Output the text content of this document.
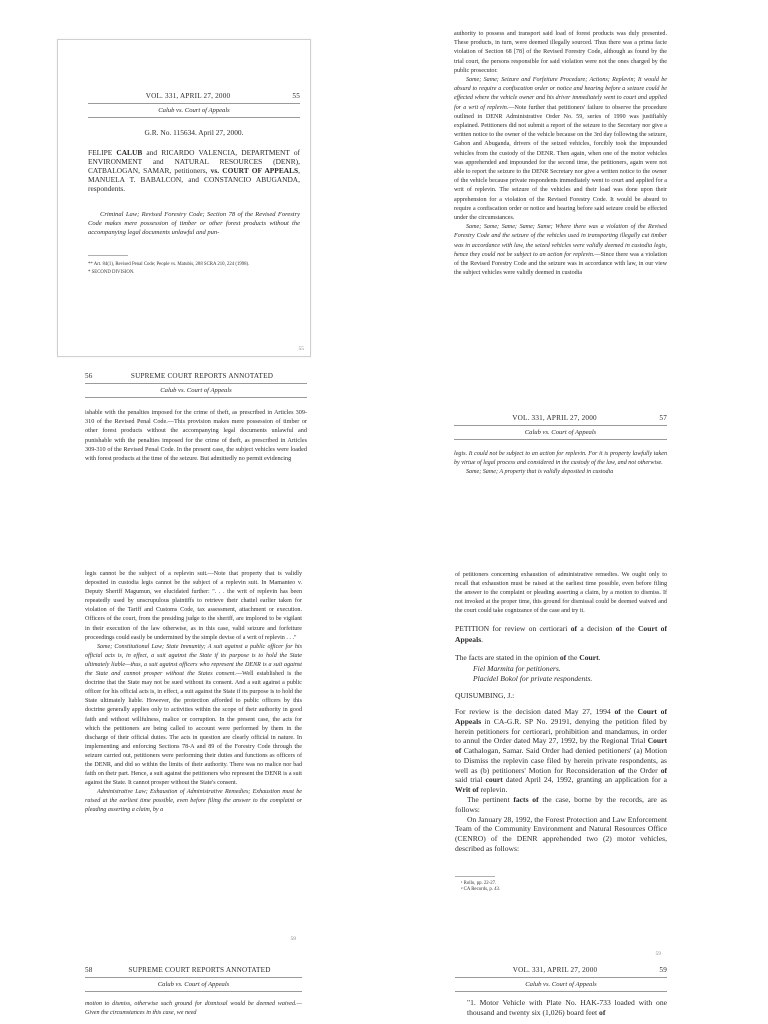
VOL. 331, APRIL 27, 2000	55
Calub vs. Court of Appeals
G.R. No. 115634. April 27, 2000.
FELIPE CALUB and RICARDO VALENCIA, DEPARTMENT of ENVIRONMENT and NATURAL RESOURCES (DENR), CATBALOGAN, SAMAR, petitioners, vs. COURT OF APPEALS, MANUELA T. BABALCON, and CONSTANCIO ABUGANDA, respondents.
Criminal Law; Revised Forestry Code; Section 78 of the Revised Forestry Code makes mere possession of timber or other forest products without the accompanying legal documents unlawful and pun-
** Art. 84(1), Revised Penal Code; People vs. Matubis, 288 SCRA 210, 224 (1998).
* SECOND DIVISION.
55
56	SUPREME COURT REPORTS ANNOTATED
Calub vs. Court of Appeals

ishable with the penalties imposed for the crime of theft, as prescribed in Articles 309-310 of the Revised Penal Code.—This provision makes mere possession of timber or other forest products without the accompanying legal documents unlawful and punishable with the penalties imposed for the crime of theft, as prescribed in Articles 309-310 of the Revised Penal Code. In the present case, the subject vehicles were loaded with forest products at the time of the seizure. But admittedly no permit evidencing

authority to possess and transport said load of forest products was duly presented. These products, in turn, were deemed illegally sourced. Thus there was a prima facie violation of Section 68 [78] of the Revised Forestry Code, although as found by the trial court, the persons responsible for said violation were not the ones charged by the public prosecutor.

Same; Same; Seizure and Forfeiture Procedure; Actions; Replevin; It would be absurd to require a confiscation order or notice and hearing before a seizure could be effected where the vehicle owner and his driver immediately went to court and applied for a writ of replevin.—Note further that petitioners' failure to observe the procedure outlined in DENR Administrative Order No. 59, series of 1990 was justifiably explained. Petitioners did not submit a report of the seizure to the Secretary nor give a written notice to the owner of the vehicle because on the 3rd day following the seizure, Gabon and Abuganda, drivers of the seized vehicles, forcibly took the impounded vehicles from the custody of the DENR. Then again, when one of the motor vehicles was apprehended and impounded for the second time, the petitioners, again were not able to report the seizure to the DENR Secretary nor give a written notice to the owner of the vehicle because private respondents immediately went to court and applied for a writ of replevin. The seizure of the vehicles and their load was done upon their apprehension for a violation of the Revised Forestry Code. It would be absurd to require a confiscation order or notice and hearing before said seizure could be effected under the circumstances.

Same; Same; Same; Same; Same; Where there was a violation of the Revised Forestry Code and the seizure of the vehicles used in transporting illegally cut timber was in accordance with law, the seized vehicles were validly deemed in custodia legis, hence they could not be subject to an action for replevin.—Since there was a violation of the Revised Forestry Code and the seizure was in accordance with law, in our view the subject vehicles were validly deemed in custodia

VOL. 331, APRIL 27, 2000	57
Calub vs. Court of Appeals

legis. It could not be subject to an action for replevin. For it is property lawfully taken by virtue of legal process and considered in the custody of the law, and not otherwise.

Same; Same; A property that is validly deposited in custodia

legis cannot be the subject of a replevin suit.—Note that property that is validly deposited in custodia legis cannot be the subject of a replevin suit. In Mamanteo v. Deputy Sheriff Magumun, we elucidated further: ". . . the writ of replevin has been repeatedly used by unscrupulous plaintiffs to retrieve their chattel earlier taken for violation of the Tariff and Customs Code, tax assessment, attachment or execution. Officers of the court, from the presiding judge to the sheriff, are implored to be vigilant in their execution of the law otherwise, as in this case, valid seizure and forfeiture proceedings could easily be undermined by the simple devise of a writ of replevin . . ."

Same; Constitutional Law; State Immunity; A suit against a public officer for his official acts is, in effect, a suit against the State if its purpose is to hold the State ultimately liable—thus, a suit against officers who represent the DENR is a suit against the State and cannot prosper without the States consent.—Well established is the doctrine that the State may not be sued without its consent. And a suit against a public officer for his official acts is, in effect, a suit against the State if its purpose is to hold the State ultimately liable. However, the protection afforded to public officers by this doctrine generally applies only to activities within the scope of their authority in good faith and without willfulness, malice or corruption. In the present case, the acts for which the petitioners are being called to account were performed by them in the discharge of their official duties. The acts in question are clearly official in nature. In implementing and enforcing Sections 78-A and 89 of the Forestry Code through the seizure carried out, petitioners were performing their duties and functions as officers of the DENR, and did so within the limits of their authority. There was no malice nor bad faith on their part. Hence, a suit against the petitioners who represent the DENR is a suit against the State. It cannot prosper without the State's consent.

Administrative Law; Exhaustion of Administrative Remedies; Exhaustion must be raised at the earliest time possible, even before filing the answer to the complaint or pleading asserting a claim, by a

58
58	SUPREME COURT REPORTS ANNOTATED
Calub vs. Court of Appeals
motion to dismiss, otherwise such ground for dismissal would be deemed waived.—Given the circumstances in this case, we need

of petitioners concerning exhaustion of administrative remedies. We ought only to recall that exhaustion must be raised at the earliest time possible, even before filing the answer to the complaint or pleading asserting a claim, by a motion to dismiss. If not invoked at the proper time, this ground for dismissal could be deemed waived and the court could take cognizance of the case and try it.

PETITION for review on certiorari of a decision of the Court of Appeals.
The facts are stated in the opinion of the Court.
Fiel Marmita for petitioners.
Placidel Bokol for private respondents.
QUISUMBING, J.:

For review is the decision dated May 27, 1994 of the Court of Appeals in CA-G.R. SP No. 29191, denying the petition filed by herein petitioners for certiorari, prohibition and mandamus, in order to annul the Order dated May 27, 1992, by the Regional Trial Court of Cathalogan, Samar. Said Order had denied petitioners' (a) Motion to Dismiss the replevin case filed by herein private respondents, as well as (b) petitioners' Motion for Reconsideration of the Order of said trial court dated April 24, 1992, granting an application for a Writ of replevin.

The pertinent facts of the case, borne by the records, are as follows:

On January 28, 1992, the Forest Protection and Law Enforcement Team of the Community Environment and Natural Resources Office (CENRO) of the DENR apprehended two (2) motor vehicles, described as follows:

¹ Rollo, pp. 22-27.
² CA Records, p. 43.
59
VOL. 331, APRIL 27, 2000	59
Calub vs. Court of Appeals
"1. Motor Vehicle with Plate No. HAK-733 loaded with one thousand and twenty six (1,026) board feet of
